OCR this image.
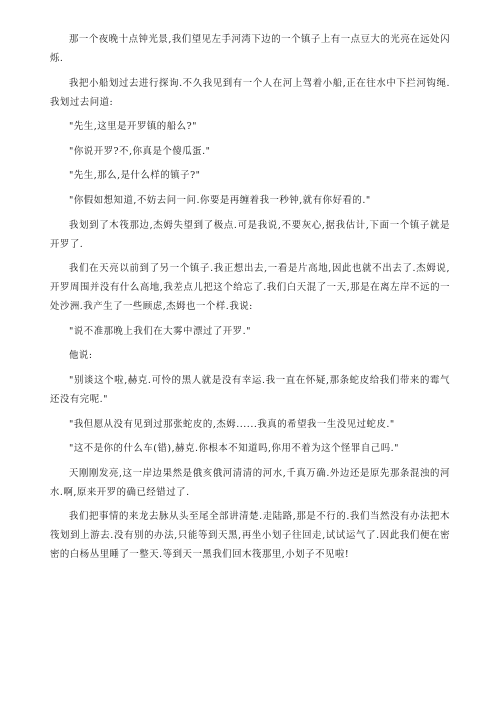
那一个夜晚十点钟光景,我们望见左手河湾下边的一个镇子上有一点豆大的光亮在远处闪烁.

我把小船划过去进行探询.不久我见到有一个人在河上驾着小船,正在往水中下拦河钩绳.我划过去问道:

"先生,这里是开罗镇的船么?"

"你说开罗?不,你真是个傻瓜蛋."

"先生,那么,是什么样的镇子?"

"你假如想知道,不妨去问一问.你要是再缠着我一秒钟,就有你好看的."

我划到了木筏那边,杰姆失望到了极点.可是我说,不要灰心,据我估计,下面一个镇子就是开罗了.

我们在天亮以前到了另一个镇子.我正想出去,一看是片高地,因此也就不出去了.杰姆说,开罗周围并没有什么高地,我差点儿把这个给忘了.我们白天混了一天,那是在离左岸不远的一处沙洲.我产生了一些顾虑,杰姆也一个样.我说:

"说不准那晚上我们在大雾中漂过了开罗."

他说:

"别谈这个啦,赫克.可怜的黑人就是没有幸运.我一直在怀疑,那条蛇皮给我们带来的霉气还没有完呢."

"我但愿从没有见到过那张蛇皮的,杰姆......我真的希望我一生没见过蛇皮."

"这不是你的什么车(错),赫克.你根本不知道吗,你用不着为这个怪罪自己吗."

天刚刚发亮,这一岸边果然是俄亥俄河清清的河水,千真万确.外边还是原先那条混浊的河水.啊,原来开罗的确已经错过了.

我们把事情的来龙去脉从头至尾全部讲清楚.走陆路,那是不行的.我们当然没有办法把木筏划到上游去.没有别的办法,只能等到天黑,再坐小划子往回走,试试运气了.因此我们便在密密的白杨丛里睡了一整天.等到天一黑我们回木筏那里,小划子不见啦!
